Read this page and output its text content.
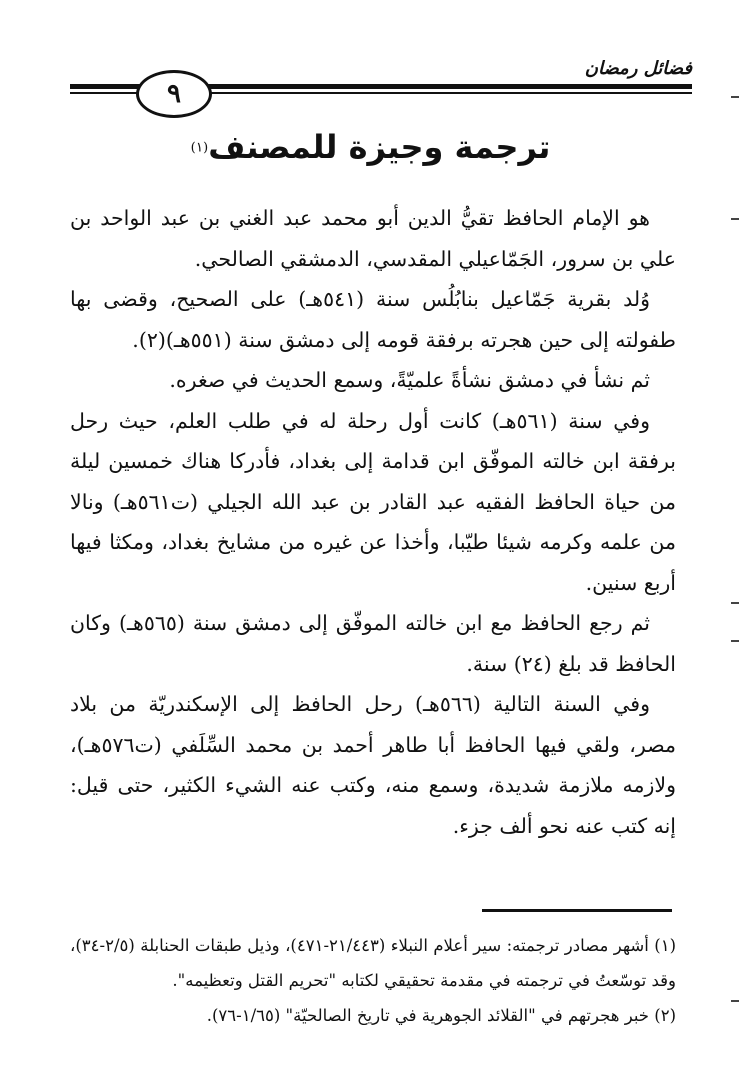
فضائل رمضان
٩
ترجمة وجيزة للمصنف$^{(١)}$

هو الإمام الحافظ تقيُّ الدين أبو محمد عبد الغني بن عبد الواحد بن علي بن سرور، الجَمّاعيلي المقدسي، الدمشقي الصالحي.

وُلد بقرية جَمّاعيل بنابُلُس سنة (٥٤١هـ) على الصحيح، وقضى بها طفولته إلى حين هجرته برفقة قومه إلى دمشق سنة (٥٥١هـ)(٢).

ثم نشأ في دمشق نشأةً علميّةً، وسمع الحديث في صغره.

وفي سنة (٥٦١هـ) كانت أول رحلة له في طلب العلم، حيث رحل برفقة ابن خالته الموفّق ابن قدامة إلى بغداد، فأدركا هناك خمسين ليلة من حياة الحافظ الفقيه عبد القادر بن عبد الله الجيلي (ت٥٦١هـ) ونالا من علمه وكرمه شيئا طيّبا، وأخذا عن غيره من مشايخ بغداد، ومكثا فيها أربع سنين.

ثم رجع الحافظ مع ابن خالته الموفّق إلى دمشق سنة (٥٦٥هـ) وكان الحافظ قد بلغ (٢٤) سنة.

وفي السنة التالية (٥٦٦هـ) رحل الحافظ إلى الإسكندريّة من بلاد مصر، ولقي فيها الحافظ أبا طاهر أحمد بن محمد السِّلَفي (ت٥٧٦هـ)، ولازمه ملازمة شديدة، وسمع منه، وكتب عنه الشيء الكثير، حتى قيل: إنه كتب عنه نحو ألف جزء.

(١) أشهر مصادر ترجمته: سير أعلام النبلاء (٢١/٤٤٣-٤٧١)، وذيل طبقات الحنابلة (٢/٥-٣٤)، وقد توسّعتُ في ترجمته في مقدمة تحقيقي لكتابه "تحريم القتل وتعظيمه".

(٢) خبر هجرتهم في "القلائد الجوهرية في تاريخ الصالحيّة" (١/٦٥-٧٦).
